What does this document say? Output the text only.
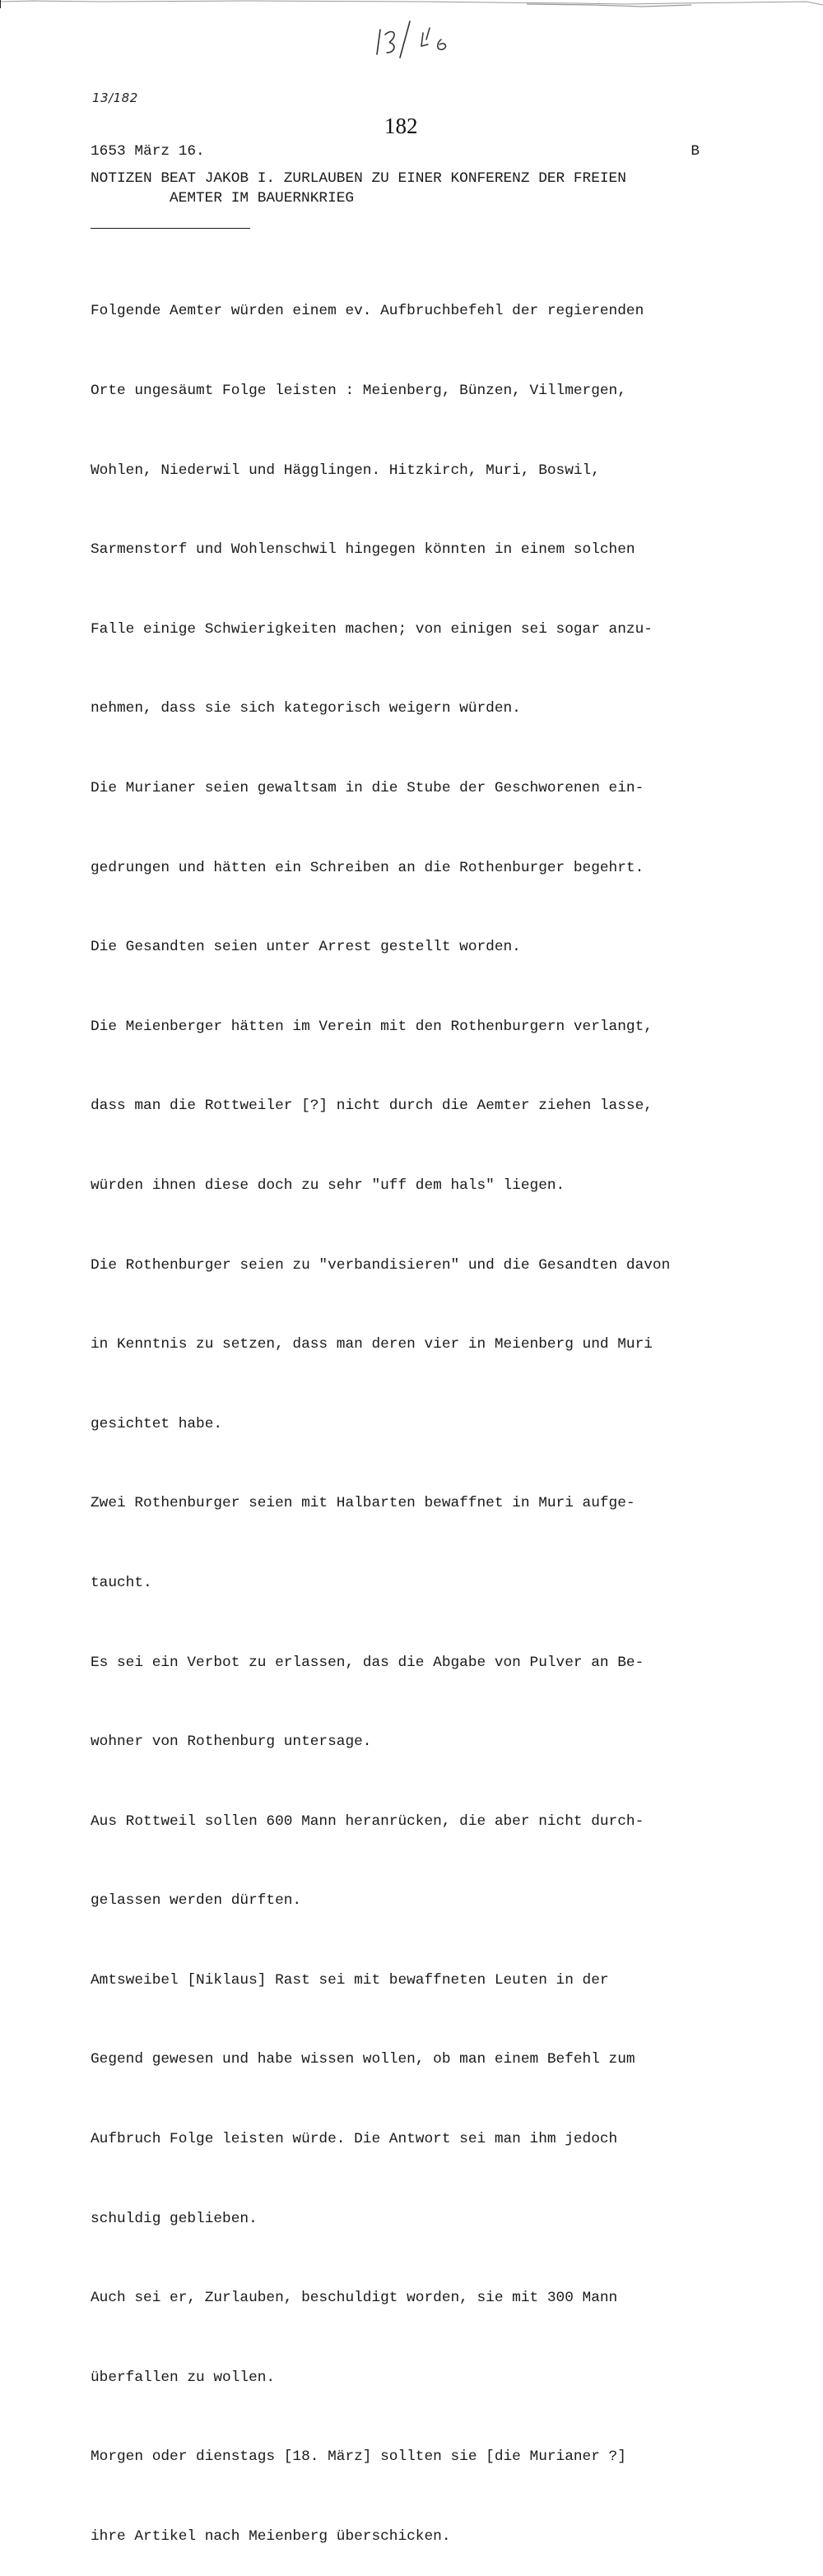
13/182
182
1653 März 16.	B
NOTIZEN BEAT JAKOB I. ZURLAUBEN ZU EINER KONFERENZ DER FREIEN
AEMTER IM BAUERNKRIEG

Folgende Aemter würden einem ev. Aufbruchbefehl der regierenden

Orte ungesäumt Folge leisten : Meienberg, Bünzen, Villmergen,

Wohlen, Niederwil und Hägglingen. Hitzkirch, Muri, Boswil,

Sarmenstorf und Wohlenschwil hingegen könnten in einem solchen

Falle einige Schwierigkeiten machen; von einigen sei sogar anzu-

nehmen, dass sie sich kategorisch weigern würden.

Die Murianer seien gewaltsam in die Stube der Geschworenen ein-

gedrungen und hätten ein Schreiben an die Rothenburger begehrt.

Die Gesandten seien unter Arrest gestellt worden.

Die Meienberger hätten im Verein mit den Rothenburgern verlangt,

dass man die Rottweiler [?] nicht durch die Aemter ziehen lasse,

würden ihnen diese doch zu sehr "uff dem hals" liegen.

Die Rothenburger seien zu "verbandisieren" und die Gesandten davon

in Kenntnis zu setzen, dass man deren vier in Meienberg und Muri

gesichtet habe.

Zwei Rothenburger seien mit Halbarten bewaffnet in Muri aufge-

taucht.

Es sei ein Verbot zu erlassen, das die Abgabe von Pulver an Be-

wohner von Rothenburg untersage.

Aus Rottweil sollen 600 Mann heranrücken, die aber nicht durch-

gelassen werden dürften.

Amtsweibel [Niklaus] Rast sei mit bewaffneten Leuten in der

Gegend gewesen und habe wissen wollen, ob man einem Befehl zum

Aufbruch Folge leisten würde. Die Antwort sei man ihm jedoch

schuldig geblieben.

Auch sei er, Zurlauben, beschuldigt worden, sie mit 300 Mann

überfallen zu wollen.

Morgen oder dienstags [18. März] sollten sie [die Murianer ?]

ihre Artikel nach Meienberg überschicken.
